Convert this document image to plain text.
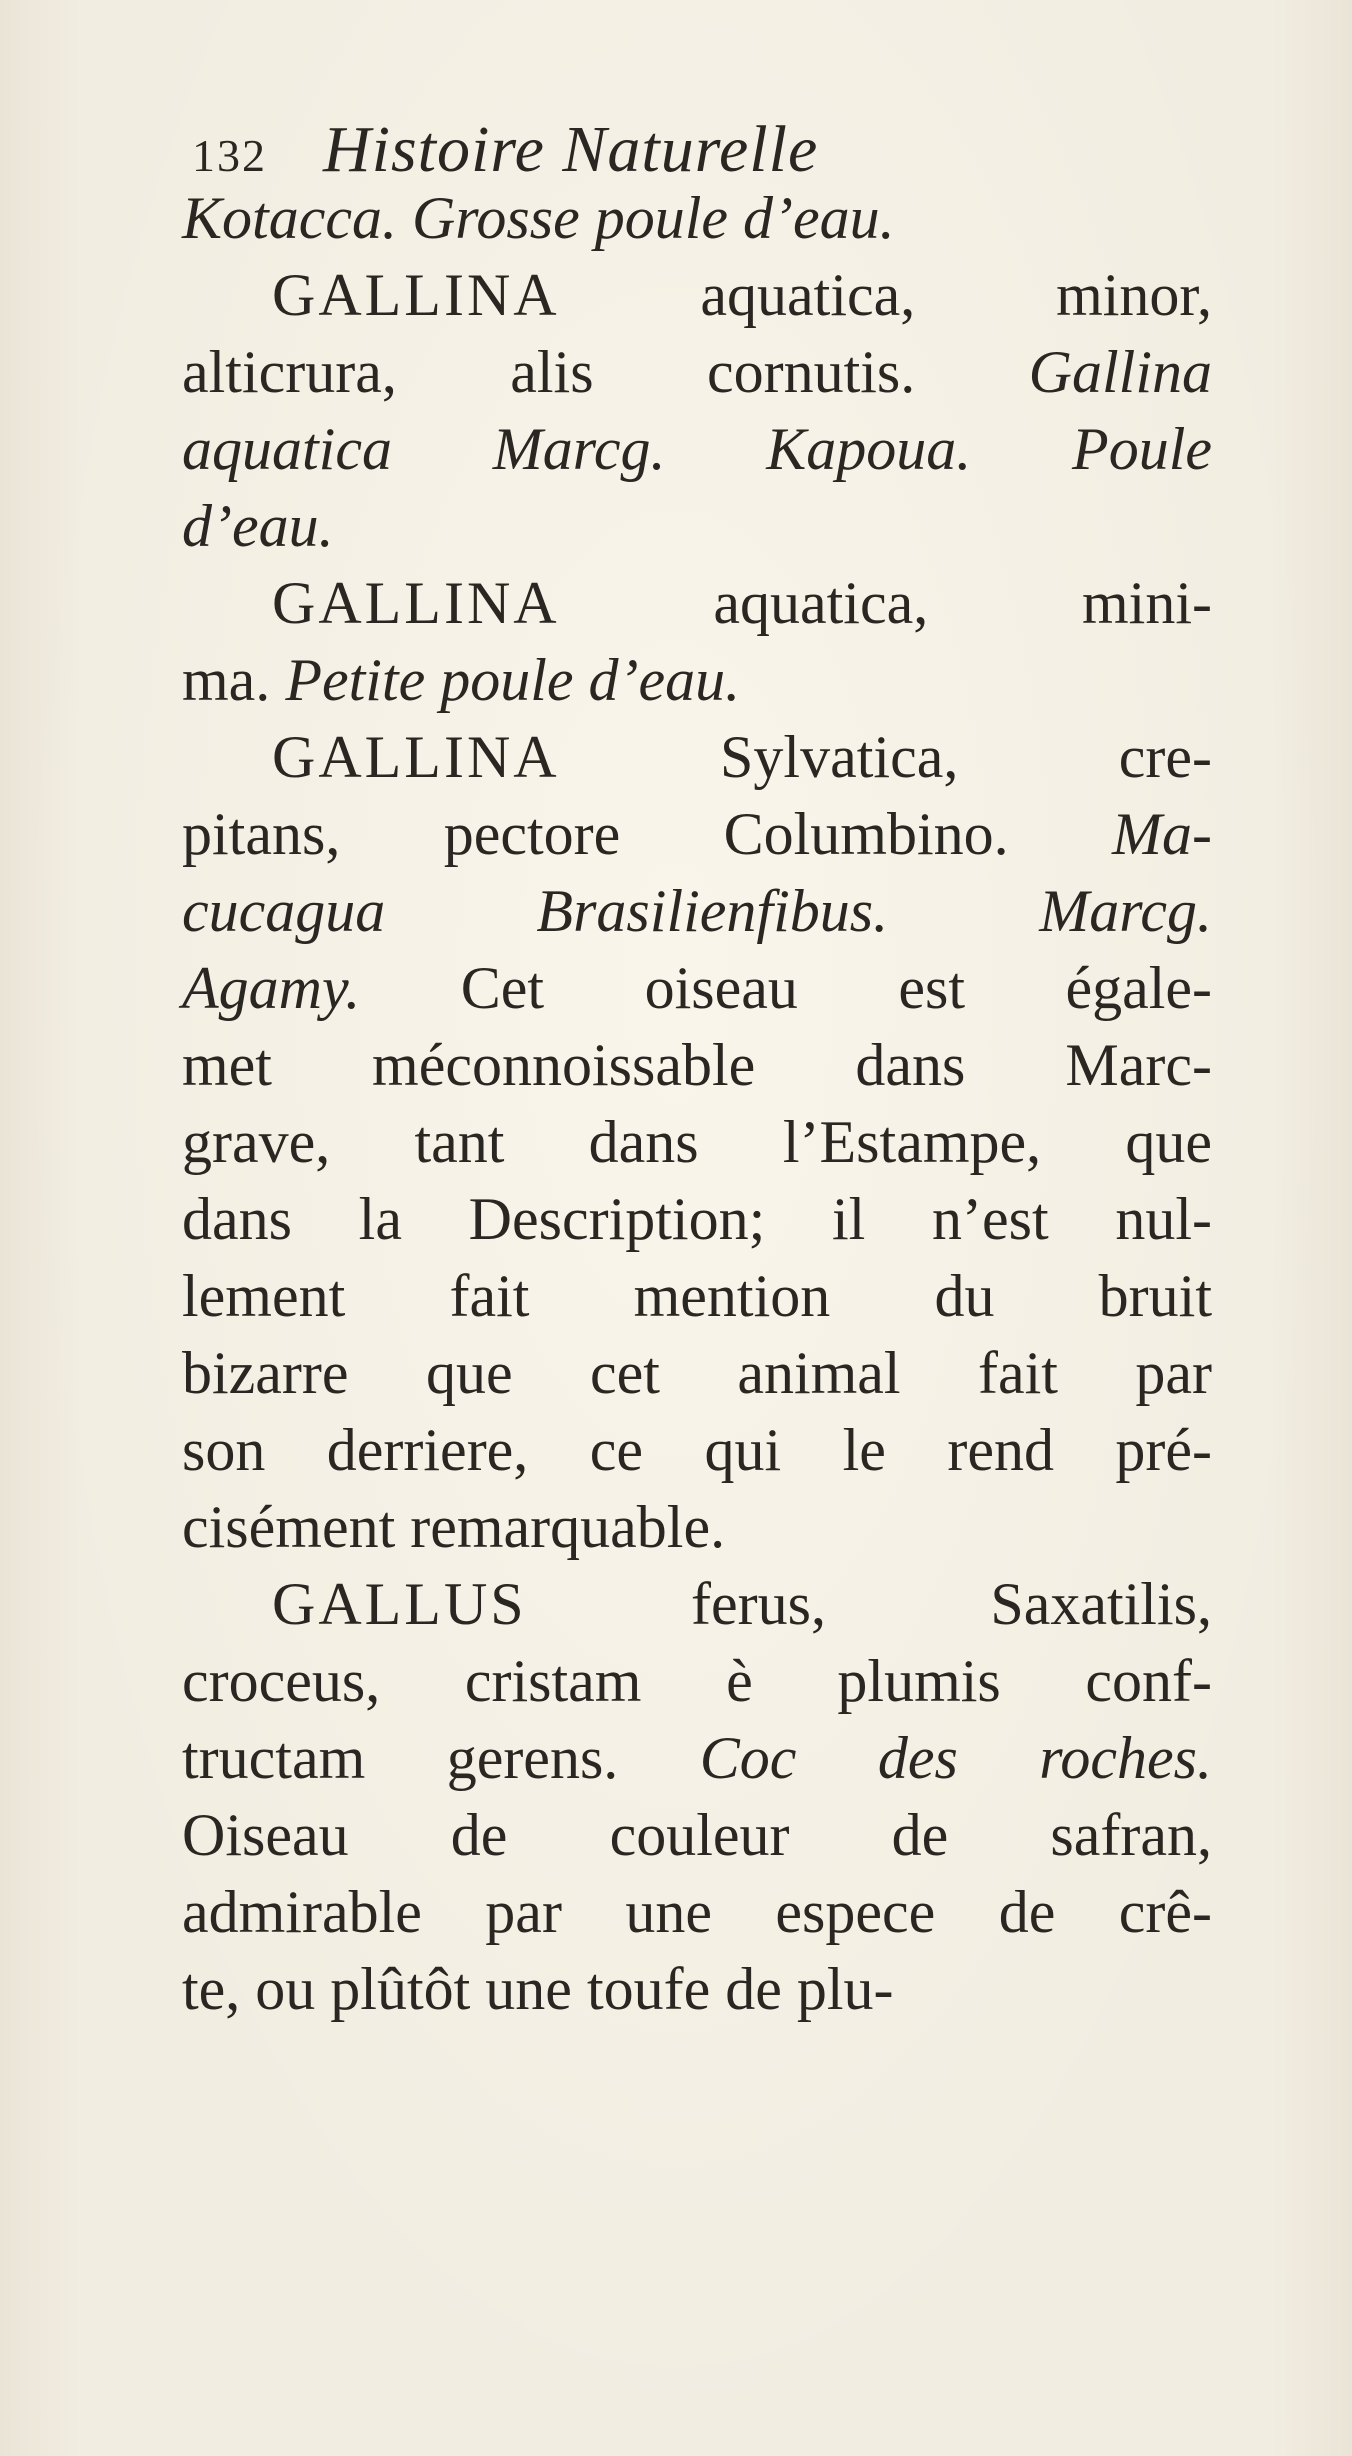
132 Histoire Naturelle
Kotacca. Grosse poule d’eau.
GALLINA aquatica, minor,
alticrura, alis cornutis. Gallina
aquatica Marcg. Kapoua. Poule
d’eau.
GALLINA aquatica, mini-
ma. Petite poule d’eau.
GALLINA Sylvatica, cre-
pitans, pectore Columbino. Ma-
cucagua Brasilienfibus. Marcg.
Agamy. Cet oiseau est égale-
met méconnoissable dans Marc-
grave, tant dans l’Estampe, que
dans la Description; il n’est nul-
lement fait mention du bruit
bizarre que cet animal fait par
son derriere, ce qui le rend pré-
cisément remarquable.
GALLUS ferus, Saxatilis,
croceus, cristam è plumis conf-
tructam gerens. Coc des roches.
Oiseau de couleur de safran,
admirable par une espece de crê-
te, ou plûtôt une toufe de plu-
